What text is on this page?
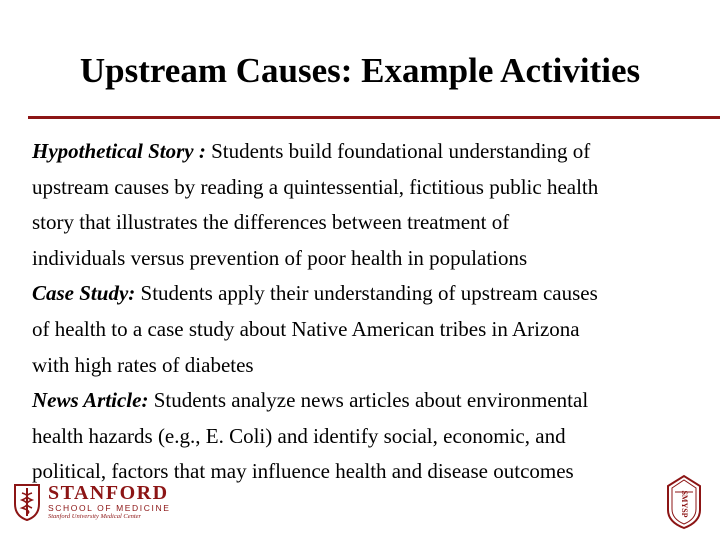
Upstream Causes: Example Activities

Hypothetical Story : Students build foundational understanding of
upstream causes by reading a quintessential, fictitious public health
story that illustrates the differences between treatment of
individuals versus prevention of poor health in populations

Case Study: Students apply their understanding of upstream causes
of health to a case study about Native American tribes in Arizona
with high rates of diabetes

News Article: Students analyze news articles about environmental
health hazards (e.g., E. Coli) and identify social, economic, and
political, factors that may influence health and disease outcomes

STANFORD
SCHOOL OF MEDICINE
Stanford University Medical Center	SMYSP
